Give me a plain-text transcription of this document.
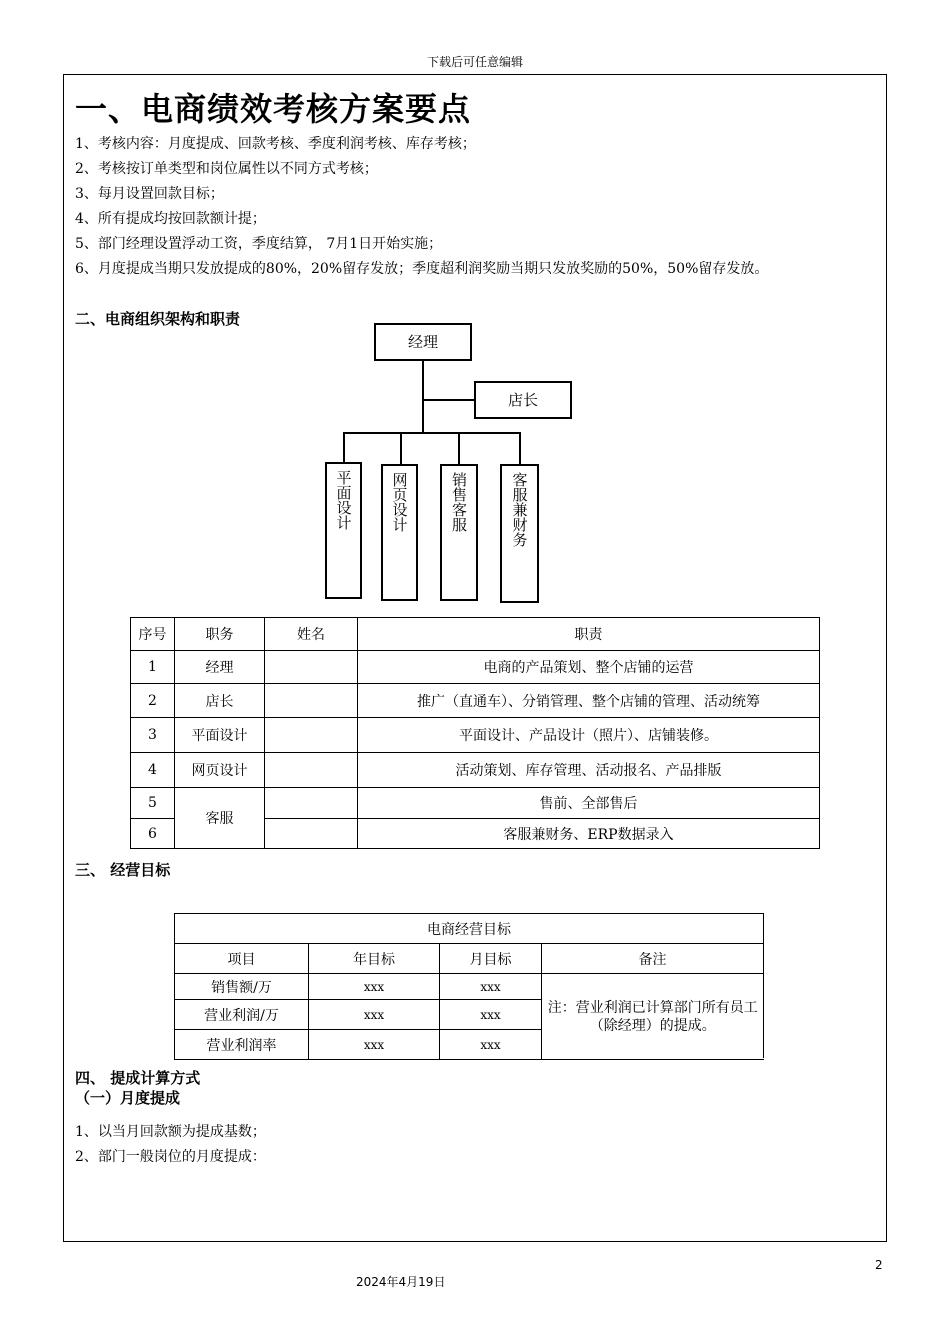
下载后可任意编辑
一、电商绩效考核方案要点
1、考核内容：月度提成、回款考核、季度利润考核、库存考核；
2、考核按订单类型和岗位属性以不同方式考核；
3、每月设置回款目标；
4、所有提成均按回款额计提；
5、部门经理设置浮动工资，季度结算， 7月1日开始实施；
6、月度提成当期只发放提成的80%，20%留存发放；季度超利润奖励当期只发放奖励的50%，50%留存发放。
二、电商组织架构和职责
经理
店长
平面设计	网页设计	销售客服	客服兼财务
序号	职务	姓名	职责
1	经理		电商的产品策划、整个店铺的运营
2	店长		推广（直通车）、分销管理、整个店铺的管理、活动统筹
3	平面设计		平面设计、产品设计（照片）、店铺装修。
4	网页设计		活动策划、库存管理、活动报名、产品排版
5	客服		售前、全部售后
6			客服兼财务、ERP数据录入
三、 经营目标
电商经营目标			
项目	年目标	月目标	备注
销售额/万	xxx	xxx	注：营业利润已计算部门所有员工（除经理）的提成。
营业利润/万	xxx	xxx	
营业利润率	xxx	xxx	
四、 提成计算方式
（一）月度提成
1、以当月回款额为提成基数；
2、部门一般岗位的月度提成：
2
2024年4月19日
